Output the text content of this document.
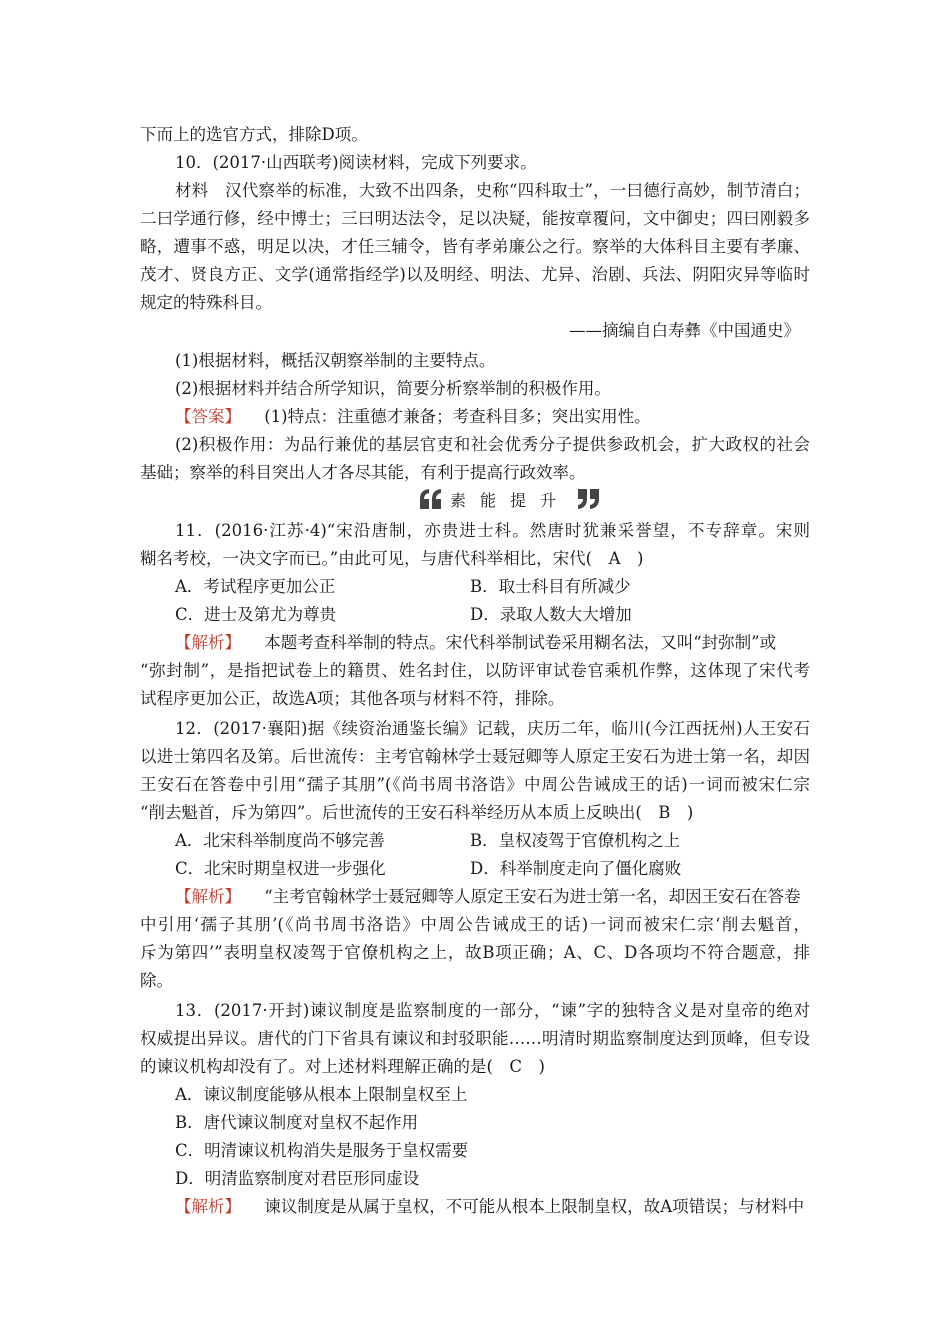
下而上的选官方式，排除D项。
10．(2017·山西联考)阅读材料，完成下列要求。
材料　汉代察举的标准，大致不出四条，史称“四科取士”，一曰德行高妙，制节清白；
二曰学通行修，经中博士；三曰明达法令，足以决疑，能按章覆问，文中御史；四曰刚毅多
略，遭事不惑，明足以决，才任三辅令，皆有孝弟廉公之行。察举的大体科目主要有孝廉、
茂才、贤良方正、文学(通常指经学)以及明经、明法、尤异、治剧、兵法、阴阳灾异等临时
规定的特殊科目。
——摘编自白寿彝《中国通史》
(1)根据材料，概括汉朝察举制的主要特点。
(2)根据材料并结合所学知识，简要分析察举制的积极作用。
【答案】 (1)特点：注重德才兼备；考查科目多；突出实用性。
(2)积极作用：为品行兼优的基层官吏和社会优秀分子提供参政机会，扩大政权的社会
基础；察举的科目突出人才各尽其能，有利于提高行政效率。
素能提升
11．(2016·江苏·4)“宋沿唐制，亦贵进士科。然唐时犹兼采誉望，不专辞章。宋则
糊名考校，一决文字而已。”由此可见，与唐代科举相比，宋代(　A　)
A．考试程序更加公正	B．取士科目有所减少
C．进士及第尤为尊贵	D．录取人数大大增加
【解析】 本题考查科举制的特点。宋代科举制试卷采用糊名法，又叫“封弥制”或
“弥封制”，是指把试卷上的籍贯、姓名封住，以防评审试卷官乘机作弊，这体现了宋代考
试程序更加公正，故选A项；其他各项与材料不符，排除。
12．(2017·襄阳)据《续资治通鉴长编》记载，庆历二年，临川(今江西抚州)人王安石
以进士第四名及第。后世流传：主考官翰林学士聂冠卿等人原定王安石为进士第一名，却因
王安石在答卷中引用“孺子其朋”(《尚书周书洛诰》中周公告诫成王的话)一词而被宋仁宗
“削去魁首，斥为第四”。后世流传的王安石科举经历从本质上反映出(　B　)
A．北宋科举制度尚不够完善	B．皇权凌驾于官僚机构之上
C．北宋时期皇权进一步强化	D．科举制度走向了僵化腐败
【解析】 “主考官翰林学士聂冠卿等人原定王安石为进士第一名，却因王安石在答卷
中引用‘孺子其朋’(《尚书周书洛诰》中周公告诫成王的话)一词而被宋仁宗‘削去魁首，
斥为第四’”表明皇权凌驾于官僚机构之上，故B项正确；A、C、D各项均不符合题意，排
除。
13．(2017·开封)谏议制度是监察制度的一部分，“谏”字的独特含义是对皇帝的绝对
权威提出异议。唐代的门下省具有谏议和封驳职能……明清时期监察制度达到顶峰，但专设
的谏议机构却没有了。对上述材料理解正确的是(　C　)
A．谏议制度能够从根本上限制皇权至上
B．唐代谏议制度对皇权不起作用
C．明清谏议机构消失是服务于皇权需要
D．明清监察制度对君臣形同虚设
【解析】 谏议制度是从属于皇权，不可能从根本上限制皇权，故A项错误；与材料中
